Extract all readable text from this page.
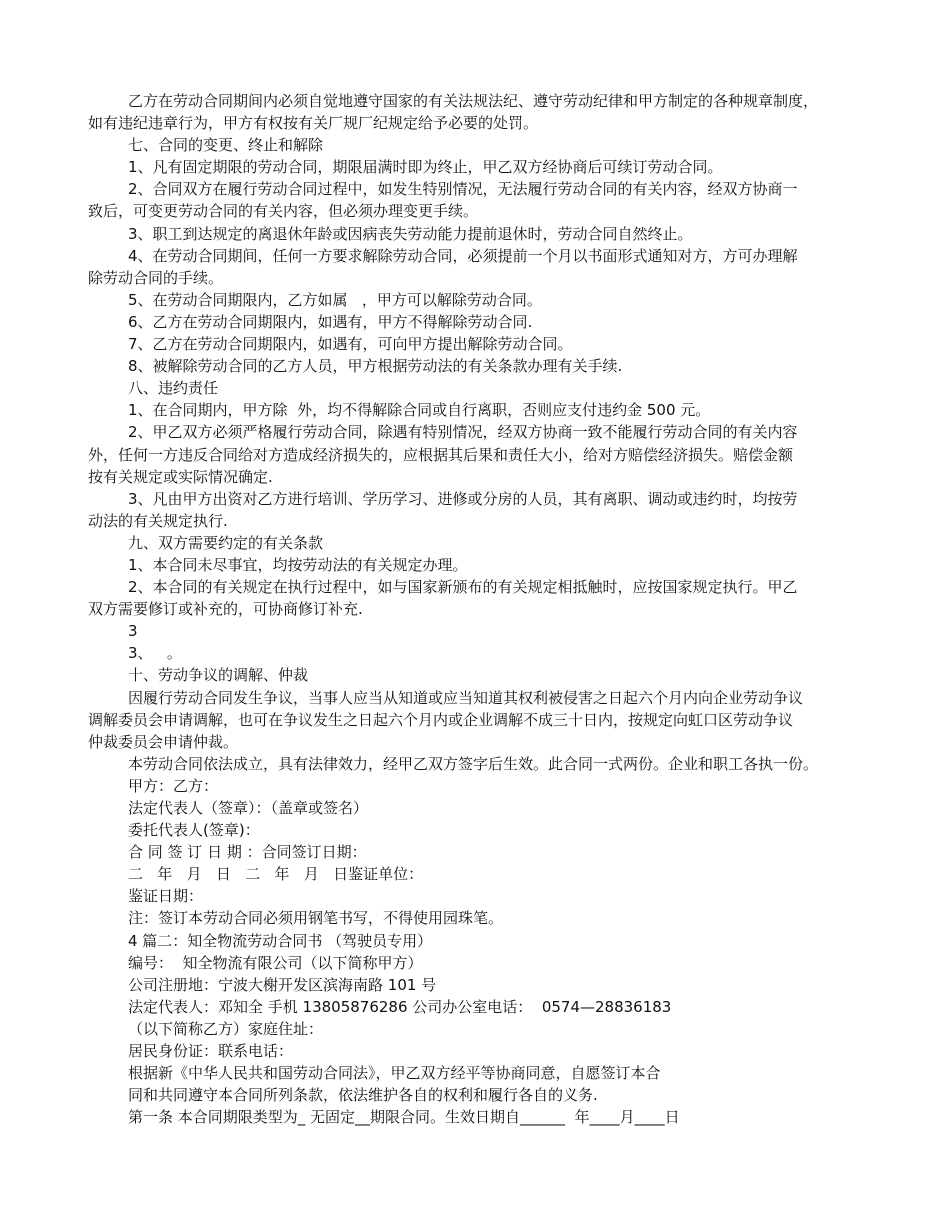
乙方在劳动合同期间内必须自觉地遵守国家的有关法规法纪、遵守劳动纪律和甲方制定的各种规章制度，
如有违纪违章行为，甲方有权按有关厂规厂纪规定给予必要的处罚。
七、合同的变更、终止和解除
1、凡有固定期限的劳动合同，期限届满时即为终止，甲乙双方经协商后可续订劳动合同。
2、合同双方在履行劳动合同过程中，如发生特别情况，无法履行劳动合同的有关内容，经双方协商一
致后，可变更劳动合同的有关内容，但必须办理变更手续。
3、职工到达规定的离退休年龄或因病丧失劳动能力提前退休时，劳动合同自然终止。
4、在劳动合同期间，任何一方要求解除劳动合同，必须提前一个月以书面形式通知对方，方可办理解
除劳动合同的手续。
5、在劳动合同期限内，乙方如属   ，甲方可以解除劳动合同。
6、乙方在劳动合同期限内，如遇有，甲方不得解除劳动合同.
7、乙方在劳动合同期限内，如遇有，可向甲方提出解除劳动合同。
8、被解除劳动合同的乙方人员，甲方根据劳动法的有关条款办理有关手续.
八、违约责任
1、在合同期内，甲方除  外，均不得解除合同或自行离职，否则应支付违约金 500 元。
2、甲乙双方必须严格履行劳动合同，除遇有特别情况，经双方协商一致不能履行劳动合同的有关内容
外，任何一方违反合同给对方造成经济损失的，应根据其后果和责任大小，给对方赔偿经济损失。赔偿金额
按有关规定或实际情况确定.
3、凡由甲方出资对乙方进行培训、学历学习、进修或分房的人员，其有离职、调动或违约时，均按劳
动法的有关规定执行.
九、双方需要约定的有关条款
1、本合同未尽事宜，均按劳动法的有关规定办理。
2、本合同的有关规定在执行过程中，如与国家新颁布的有关规定相抵触时，应按国家规定执行。甲乙
双方需要修订或补充的，可协商修订补充.
3
3、   。
十、劳动争议的调解、仲裁
因履行劳动合同发生争议，当事人应当从知道或应当知道其权利被侵害之日起六个月内向企业劳动争议
调解委员会申请调解，也可在争议发生之日起六个月内或企业调解不成三十日内，按规定向虹口区劳动争议
仲裁委员会申请仲裁。
本劳动合同依法成立，具有法律效力，经甲乙双方签字后生效。此合同一式两份。企业和职工各执一份。
甲方：乙方：
法定代表人（签章）：（盖章或签名）
委托代表人(签章)：
合 同 签 订 日 期 ：合同签订日期：
二   年   月   日   二   年   月   日鉴证单位：
鉴证日期：
注：签订本劳动合同必须用钢笔书写，不得使用园珠笔。
4 篇二：知全物流劳动合同书 （驾驶员专用）
编号：  知全物流有限公司（以下简称甲方）
公司注册地：宁波大榭开发区滨海南路 101 号
法定代表人：邓知全 手机 13805876286 公司办公室电话：  0574—28836183
（以下简称乙方）家庭住址：
居民身份证：联系电话：
根据新《中华人民共和国劳动合同法》，甲乙双方经平等协商同意，自愿签订本合
同和共同遵守本合同所列条款，依法维护各自的权利和履行各自的义务.
第一条 本合同期限类型为_ 无固定__期限合同。生效日期自______  年____月____日
